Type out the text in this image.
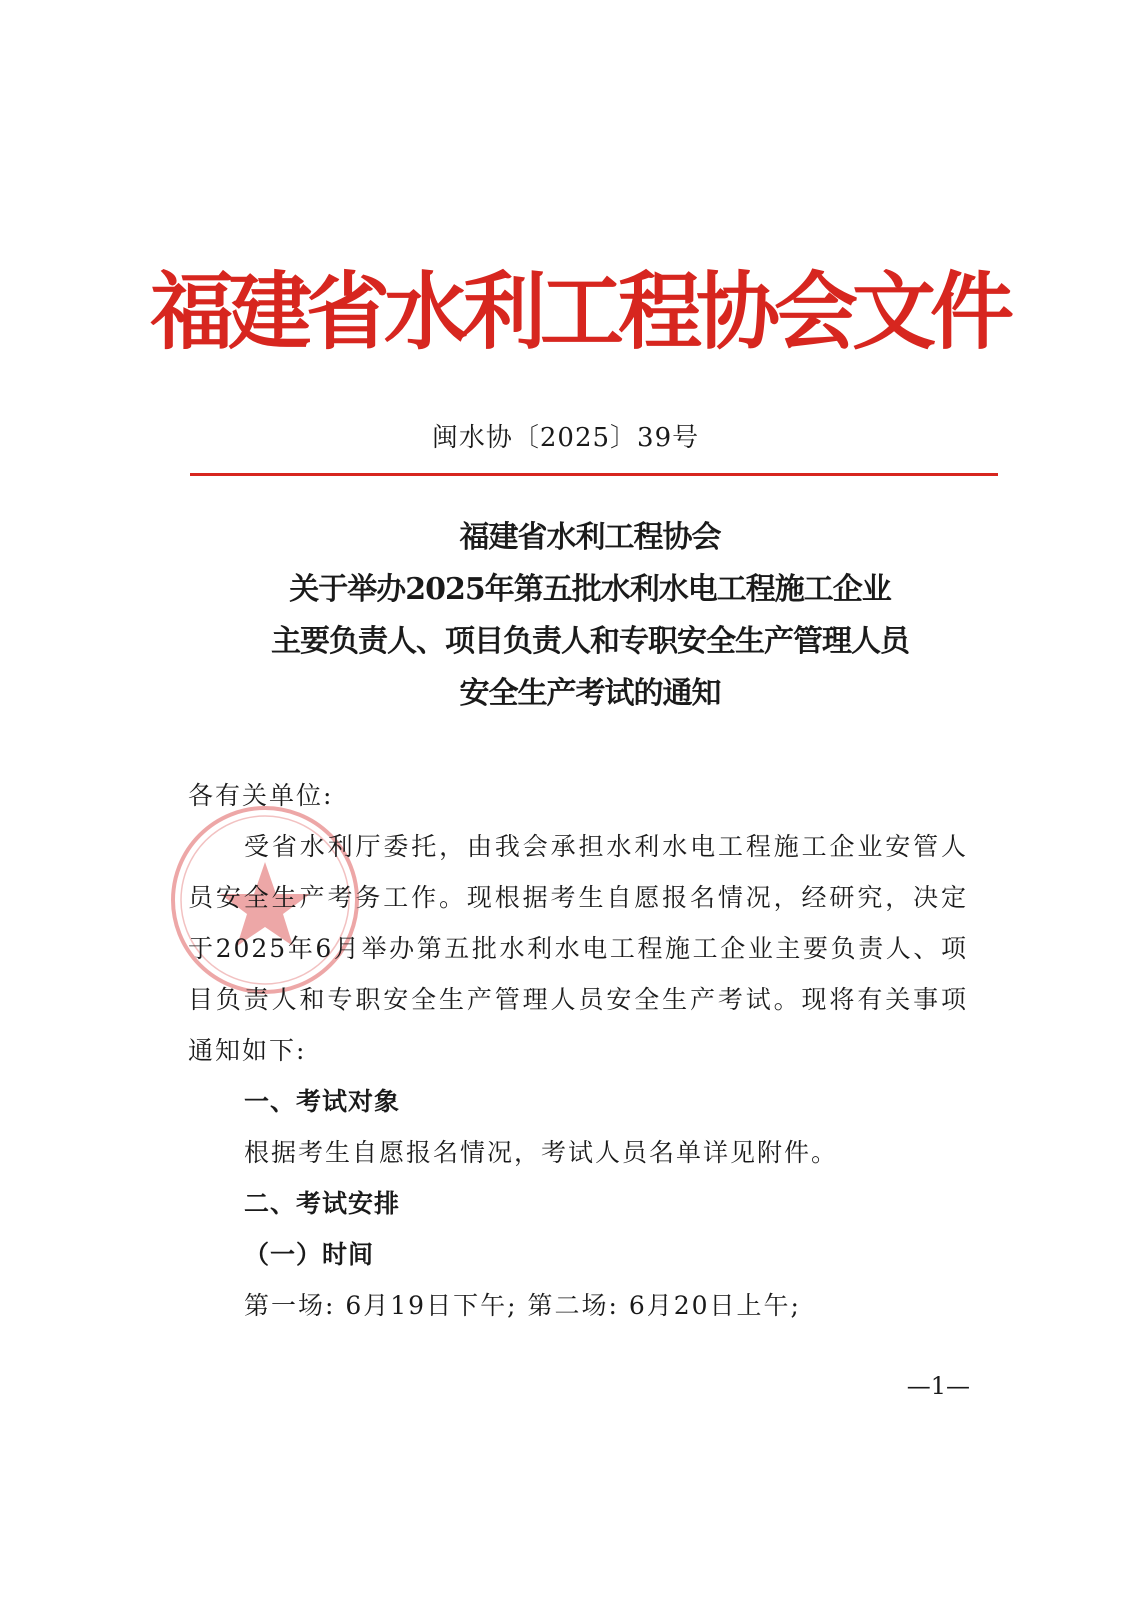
福建省水利工程协会文件
闽水协〔2025〕39号
福建省水利工程协会
关于举办2025年第五批水利水电工程施工企业
主要负责人、项目负责人和专职安全生产管理人员
安全生产考试的通知

各有关单位:

受省水利厅委托，由我会承担水利水电工程施工企业安管人员安全生产考务工作。现根据考生自愿报名情况，经研究，决定于2025年6月举办第五批水利水电工程施工企业主要负责人、项目负责人和专职安全生产管理人员安全生产考试。现将有关事项通知如下:

一、考试对象

根据考生自愿报名情况，考试人员名单详见附件。

二、考试安排

（一）时间

第一场: 6月19日下午; 第二场: 6月20日上午;

—1—
